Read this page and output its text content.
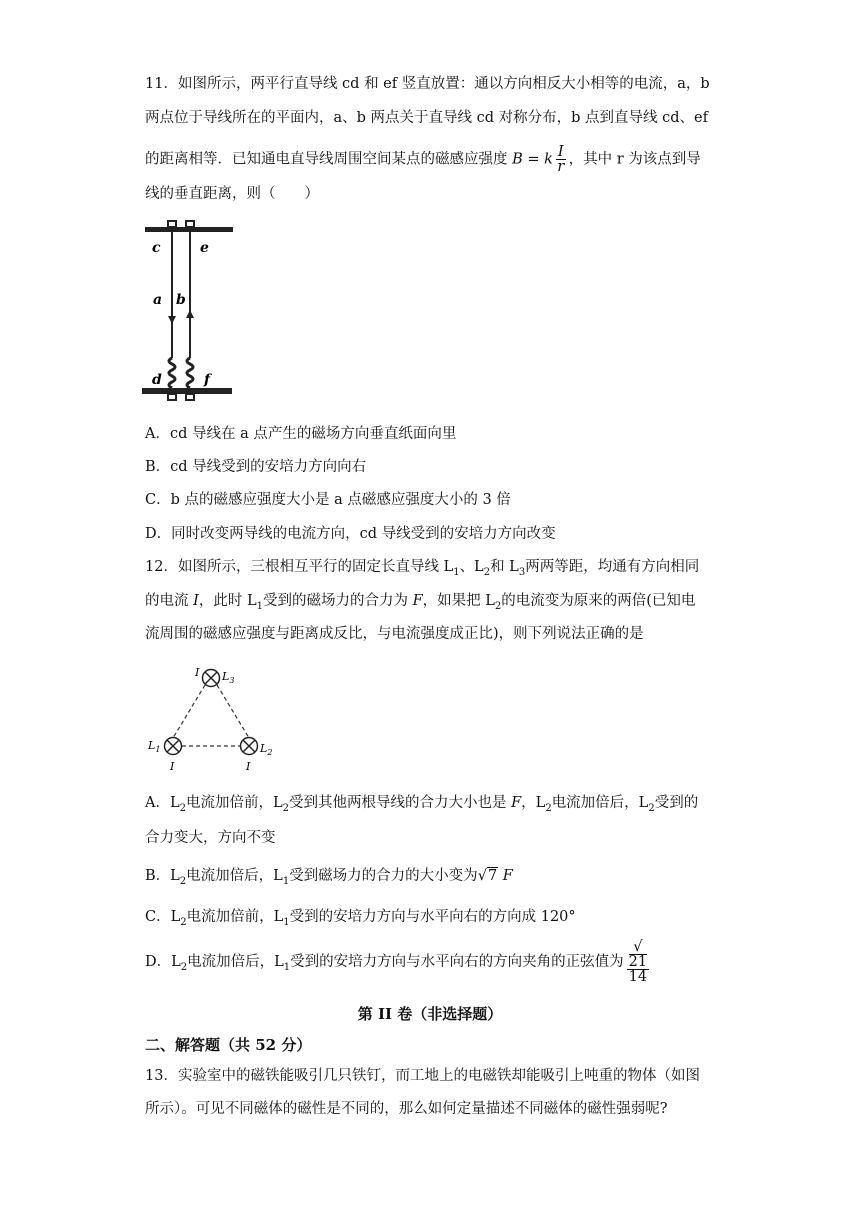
11．如图所示，两平行直导线 cd 和 ef 竖直放置：通以方向相反大小相等的电流，a，b
两点位于导线所在的平面内，a、b 两点关于直导线 cd 对称分布，b 点到直导线 cd、ef
的距离相等．已知通电直导线周围空间某点的磁感应强度 B = k $\frac{I}{r}$ ，其中 r 为该点到导
线的垂直距离，则（　　）
c	e
a b
d	f
A．cd 导线在 a 点产生的磁场方向垂直纸面向里
B．cd 导线受到的安培力方向向右
C．b 点的磁感应强度大小是 a 点磁感应强度大小的 3 倍
D．同时改变两导线的电流方向，cd 导线受到的安培力方向改变
12．如图所示，三根相互平行的固定长直导线 $L_1$、$L_2$和 $L_3$两两等距，均通有方向相同
的电流 I，此时 $L_1$受到的磁场力的合力为 F，如果把 $L_2$的电流变为原来的两倍(已知电
流周围的磁感应强度与距离成反比，与电流强度成正比)，则下列说法正确的是
I $L_3$
$L_1$
I
$L_2$
I
A．$L_2$电流加倍前，$L_2$受到其他两根导线的合力大小也是 F，$L_2$电流加倍后，$L_2$受到的
合力变大，方向不变
B．$L_2$电流加倍后，$L_1$受到磁场力的合力的大小变为√7 F
C．$L_2$电流加倍前，$L_1$受到的安培力方向与水平向右的方向成 120°
D．$L_2$电流加倍后，$L_1$受到的安培力方向与水平向右的方向夹角的正弦值为 √
21
14
第 II 卷（非选择题）
二、解答题（共 52 分）
13．实验室中的磁铁能吸引几只铁钉，而工地上的电磁铁却能吸引上吨重的物体（如图
所示）。可见不同磁体的磁性是不同的，那么如何定量描述不同磁体的磁性强弱呢?
